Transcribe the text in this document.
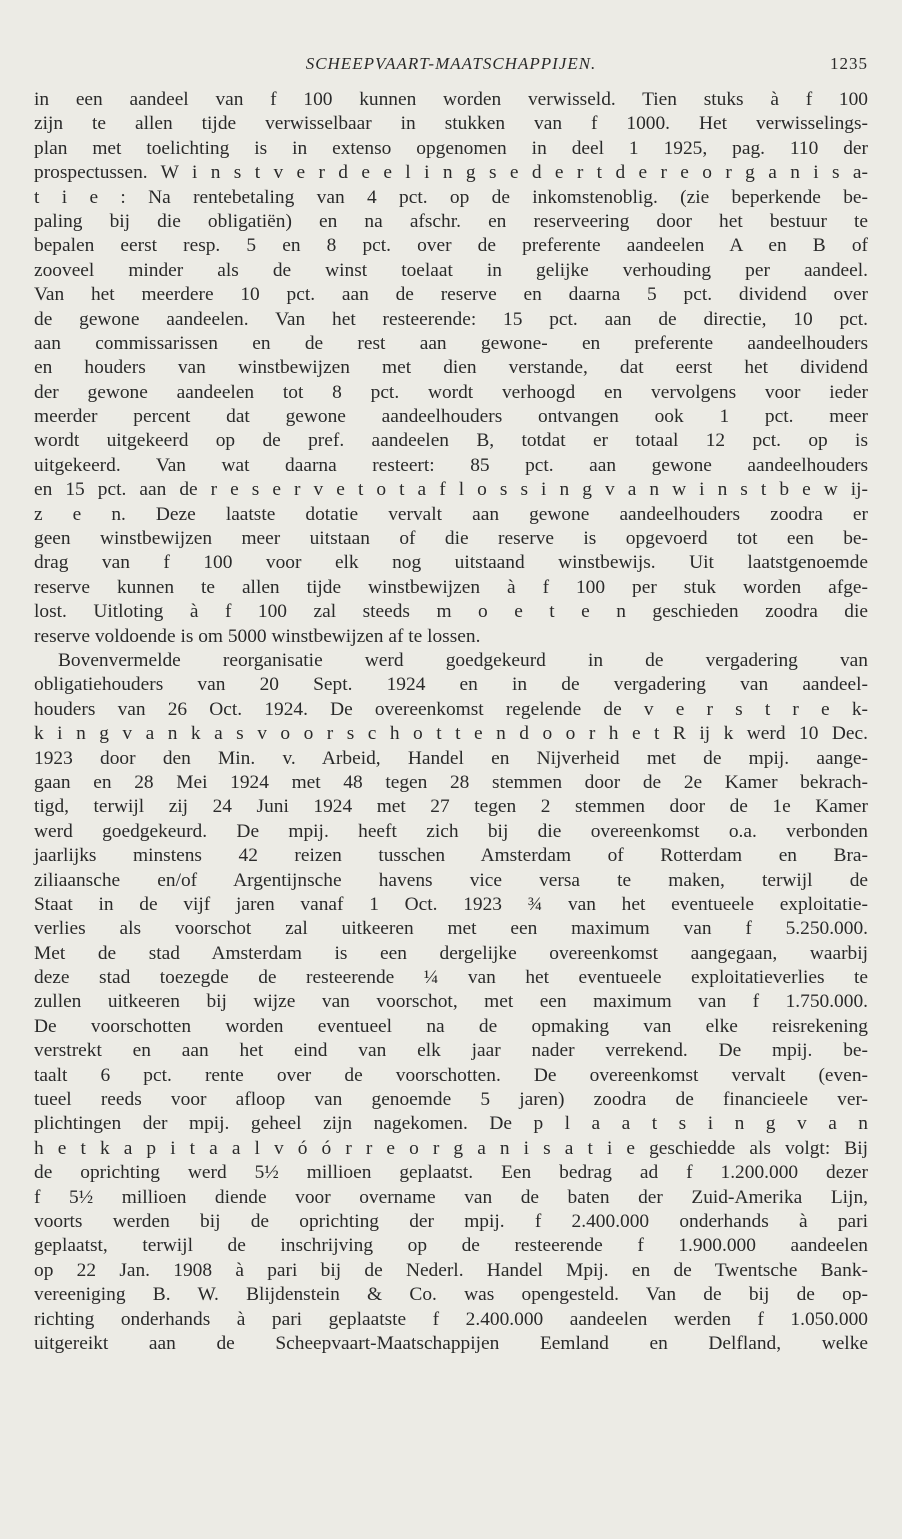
SCHEEPVAART-MAATSCHAPPIJEN.	1235
in een aandeel van f 100 kunnen worden verwisseld. Tien stuks à f 100
zijn te allen tijde verwisselbaar in stukken van f 1000. Het verwisselings-
plan met toelichting is in extenso opgenomen in deel 1 1925, pag. 110 der
prospectussen. W i n s t v e r d e e l i n g s e d e r t d e r e o r g a n i s a-
t i e : Na rentebetaling van 4 pct. op de inkomstenoblig. (zie beperkende be-
paling bij die obligatiën) en na afschr. en reserveering door het bestuur te
bepalen eerst resp. 5 en 8 pct. over de preferente aandeelen A en B of
zooveel minder als de winst toelaat in gelijke verhouding per aandeel.
Van het meerdere 10 pct. aan de reserve en daarna 5 pct. dividend over
de gewone aandeelen. Van het resteerende: 15 pct. aan de directie, 10 pct.
aan commissarissen en de rest aan gewone- en preferente aandeelhouders
en houders van winstbewijzen met dien verstande, dat eerst het dividend
der gewone aandeelen tot 8 pct. wordt verhoogd en vervolgens voor ieder
meerder percent dat gewone aandeelhouders ontvangen ook 1 pct. meer
wordt uitgekeerd op de pref. aandeelen B, totdat er totaal 12 pct. op is
uitgekeerd. Van wat daarna resteert: 85 pct. aan gewone aandeelhouders
en 15 pct. aan de r e s e r v e t o t a f l o s s i n g v a n w i n s t b e w ij-
z e n. Deze laatste dotatie vervalt aan gewone aandeelhouders zoodra er
geen winstbewijzen meer uitstaan of die reserve is opgevoerd tot een be-
drag van f 100 voor elk nog uitstaand winstbewijs. Uit laatstgenoemde
reserve kunnen te allen tijde winstbewijzen à f 100 per stuk worden afge-
lost. Uitloting à f 100 zal steeds m o e t e n geschieden zoodra die
reserve voldoende is om 5000 winstbewijzen af te lossen.
Bovenvermelde reorganisatie werd goedgekeurd in de vergadering van
obligatiehouders van 20 Sept. 1924 en in de vergadering van aandeel-
houders van 26 Oct. 1924. De overeenkomst regelende de v e r s t r e k-
k i n g v a n k a s v o o r s c h o t t e n d o o r h e t R ij k werd 10 Dec.
1923 door den Min. v. Arbeid, Handel en Nijverheid met de mpij. aange-
gaan en 28 Mei 1924 met 48 tegen 28 stemmen door de 2e Kamer bekrach-
tigd, terwijl zij 24 Juni 1924 met 27 tegen 2 stemmen door de 1e Kamer
werd goedgekeurd. De mpij. heeft zich bij die overeenkomst o.a. verbonden
jaarlijks minstens 42 reizen tusschen Amsterdam of Rotterdam en Bra-
ziliaansche en/of Argentijnsche havens vice versa te maken, terwijl de
Staat in de vijf jaren vanaf 1 Oct. 1923 ¾ van het eventueele exploitatie-
verlies als voorschot zal uitkeeren met een maximum van f 5.250.000.
Met de stad Amsterdam is een dergelijke overeenkomst aangegaan, waarbij
deze stad toezegde de resteerende ¼ van het eventueele exploitatieverlies te
zullen uitkeeren bij wijze van voorschot, met een maximum van f 1.750.000.
De voorschotten worden eventueel na de opmaking van elke reisrekening
verstrekt en aan het eind van elk jaar nader verrekend. De mpij. be-
taalt 6 pct. rente over de voorschotten. De overeenkomst vervalt (even-
tueel reeds voor afloop van genoemde 5 jaren) zoodra de financieele ver-
plichtingen der mpij. geheel zijn nagekomen. De p l a a t s i n g v a n
h e t k a p i t a a l v ó ó r r e o r g a n i s a t i e geschiedde als volgt: Bij
de oprichting werd 5½ millioen geplaatst. Een bedrag ad f 1.200.000 dezer
f 5½ millioen diende voor overname van de baten der Zuid-Amerika Lijn,
voorts werden bij de oprichting der mpij. f 2.400.000 onderhands à pari
geplaatst, terwijl de inschrijving op de resteerende f 1.900.000 aandeelen
op 22 Jan. 1908 à pari bij de Nederl. Handel Mpij. en de Twentsche Bank-
vereeniging B. W. Blijdenstein & Co. was opengesteld. Van de bij de op-
richting onderhands à pari geplaatste f 2.400.000 aandeelen werden f 1.050.000
uitgereikt aan de Scheepvaart-Maatschappijen Eemland en Delfland, welke
